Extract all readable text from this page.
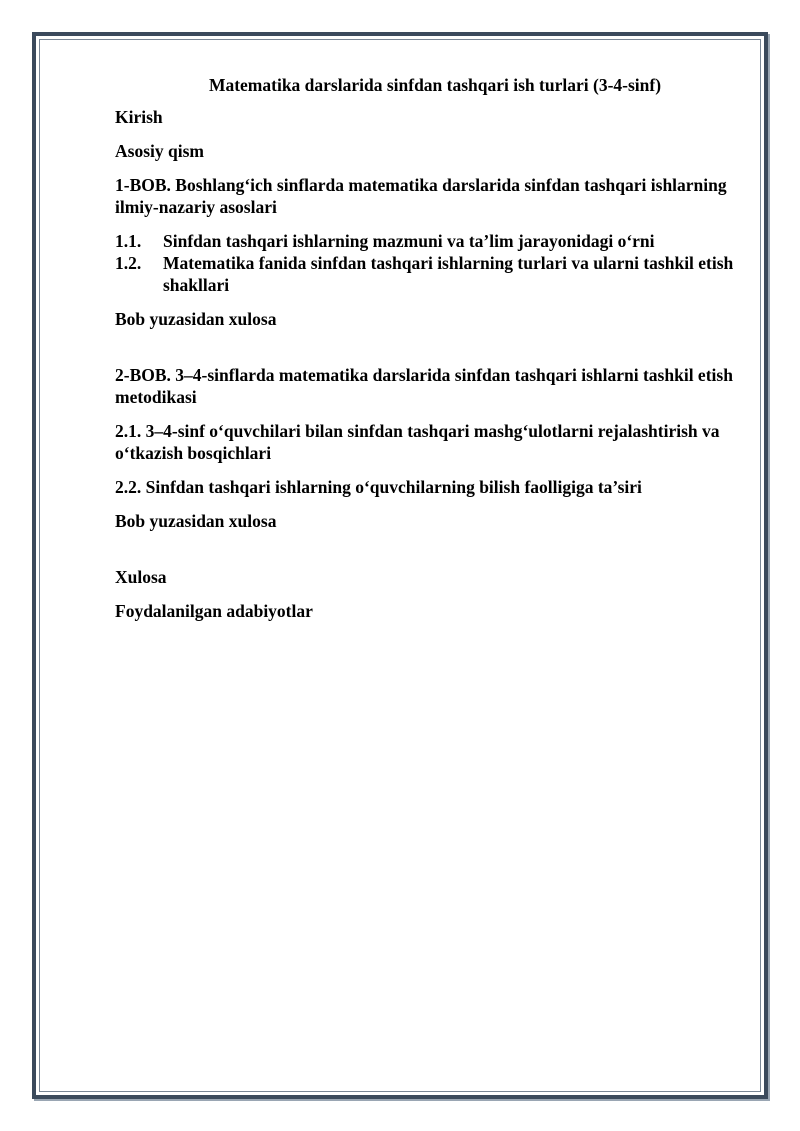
Matematika darslarida sinfdan tashqari ish turlari (3-4-sinf)
Kirish
Asosiy qism
1-BOB. Boshlang‘ich sinflarda matematika darslarida sinfdan tashqari ishlarning ilmiy-nazariy asoslari
1.1.	Sinfdan tashqari ishlarning mazmuni va ta’lim jarayonidagi o‘rni
1.2.	Matematika fanida sinfdan tashqari ishlarning turlari va ularni tashkil etish shakllari
Bob yuzasidan xulosa
2-BOB. 3–4-sinflarda matematika darslarida sinfdan tashqari ishlarni tashkil etish metodikasi
2.1. 3–4-sinf o‘quvchilari bilan sinfdan tashqari mashg‘ulotlarni rejalashtirish va o‘tkazish bosqichlari
2.2. Sinfdan tashqari ishlarning o‘quvchilarning bilish faolligiga ta’siri
Bob yuzasidan xulosa
Xulosa
Foydalanilgan adabiyotlar
